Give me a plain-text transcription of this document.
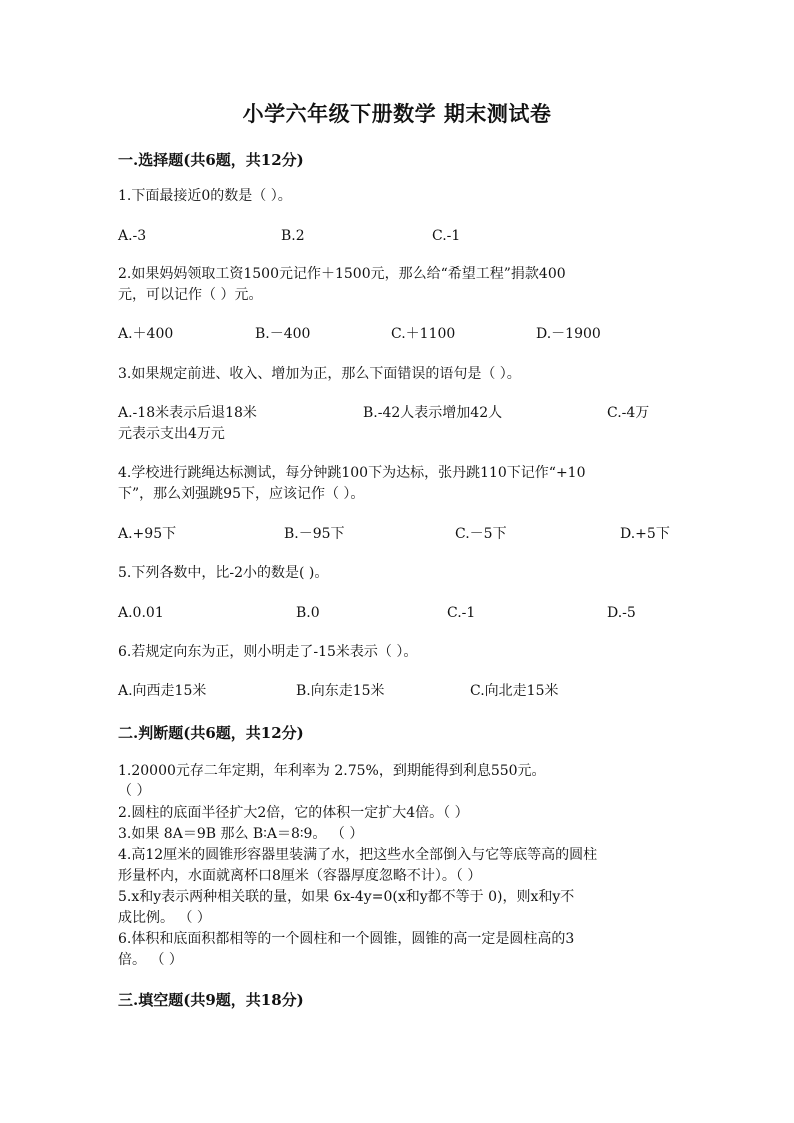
小学六年级下册数学 期末测试卷
一.选择题(共6题，共12分)
1.下面最接近0的数是（ ）。
A.-3	B.2	C.-1
2.如果妈妈领取工资1500元记作＋1500元，那么给“希望工程”捐款400
元，可以记作（ ）元。
A.＋400	B.－400	C.＋1100	D.－1900
3.如果规定前进、收入、增加为正，那么下面错误的语句是（ ）。
A.-18米表示后退18米	B.-42人表示增加42人	C.-4万
元表示支出4万元
4.学校进行跳绳达标测试，每分钟跳100下为达标，张丹跳110下记作“+10
下”，那么刘强跳95下，应该记作（ ）。
A.+95下	B.－95下	C.－5下	D.+5下
5.下列各数中，比-2小的数是( )。
A.0.01	B.0	C.-1	D.-5
6.若规定向东为正，则小明走了-15米表示（ ）。
A.向西走15米	B.向东走15米	C.向北走15米
二.判断题(共6题，共12分)
1.20000元存二年定期，年利率为 2.75%，到期能得到利息550元。
（ ）
2.圆柱的底面半径扩大2倍，它的体积一定扩大4倍。（ ）
3.如果 8A＝9B 那么 B∶A＝8∶9。 （ ）
4.高12厘米的圆锥形容器里装满了水，把这些水全部倒入与它等底等高的圆柱
形量杯内，水面就离杯口8厘米（容器厚度忽略不计）。（ ）
5.x和y表示两种相关联的量，如果 6x-4y=0(x和y都不等于 0)，则x和y不
成比例。 （ ）
6.体积和底面积都相等的一个圆柱和一个圆锥，圆锥的高一定是圆柱高的3
倍。 （ ）
三.填空题(共9题，共18分)
